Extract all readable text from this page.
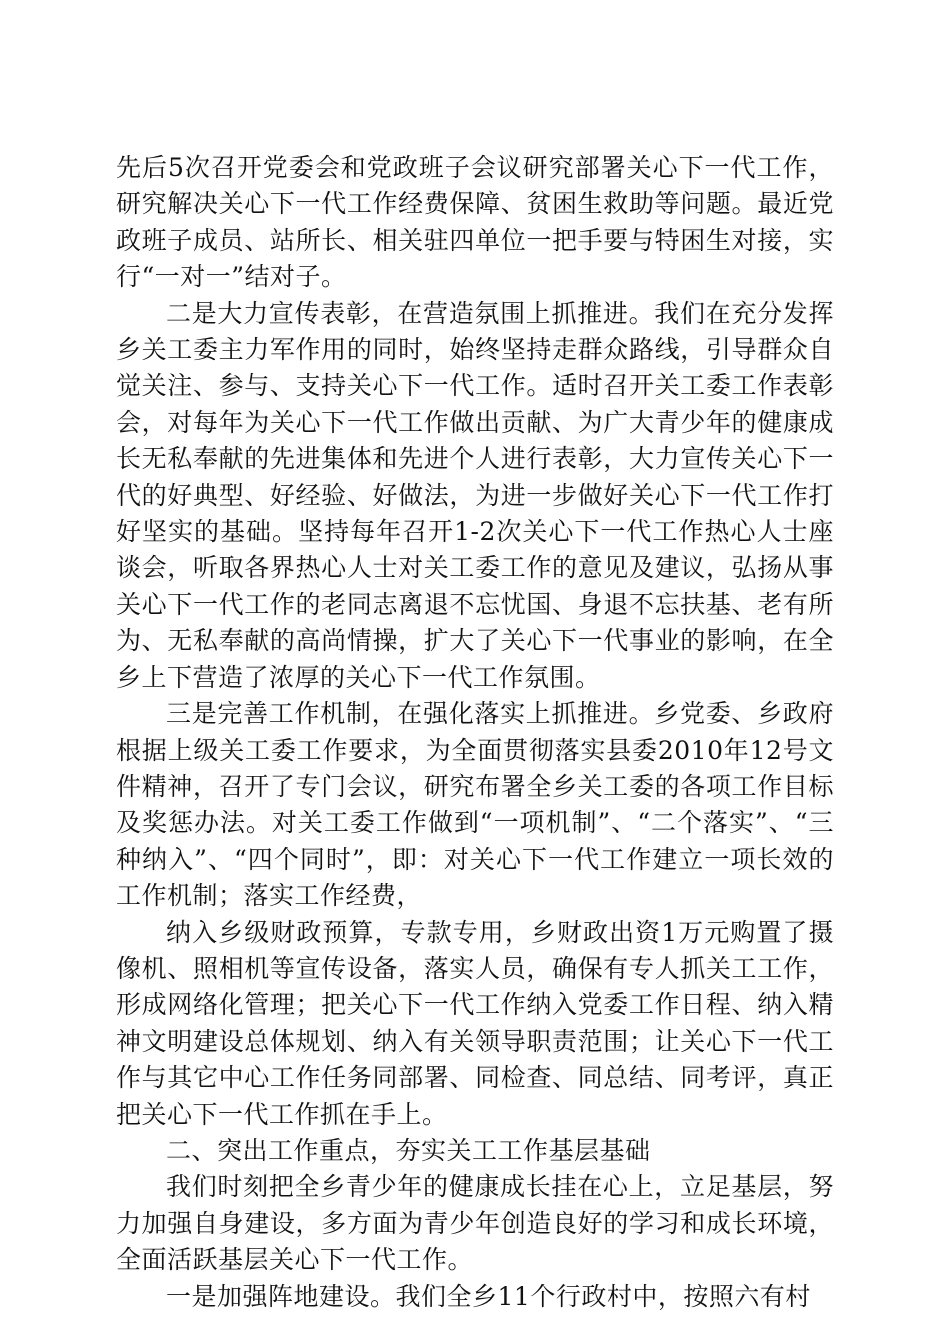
先后5次召开党委会和党政班子会议研究部署关心下一代工作，研究解决关心下一代工作经费保障、贫困生救助等问题。最近党政班子成员、站所长、相关驻四单位一把手要与特困生对接，实行“一对一”结对子。

二是大力宣传表彰，在营造氛围上抓推进。我们在充分发挥乡关工委主力军作用的同时，始终坚持走群众路线，引导群众自觉关注、参与、支持关心下一代工作。适时召开关工委工作表彰会，对每年为关心下一代工作做出贡献、为广大青少年的健康成长无私奉献的先进集体和先进个人进行表彰，大力宣传关心下一代的好典型、好经验、好做法，为进一步做好关心下一代工作打好坚实的基础。坚持每年召开1-2次关心下一代工作热心人士座谈会，听取各界热心人士对关工委工作的意见及建议，弘扬从事关心下一代工作的老同志离退不忘忧国、身退不忘扶基、老有所为、无私奉献的高尚情操，扩大了关心下一代事业的影响，在全乡上下营造了浓厚的关心下一代工作氛围。

三是完善工作机制，在强化落实上抓推进。乡党委、乡政府根据上级关工委工作要求，为全面贯彻落实县委2010年12号文件精神，召开了专门会议，研究布署全乡关工委的各项工作目标及奖惩办法。对关工委工作做到“一项机制”、“二个落实”、“三种纳入”、“四个同时”，即：对关心下一代工作建立一项长效的工作机制；落实工作经费，

纳入乡级财政预算，专款专用，乡财政出资1万元购置了摄像机、照相机等宣传设备，落实人员，确保有专人抓关工工作，形成网络化管理；把关心下一代工作纳入党委工作日程、纳入精神文明建设总体规划、纳入有关领导职责范围；让关心下一代工作与其它中心工作任务同部署、同检查、同总结、同考评，真正把关心下一代工作抓在手上。

二、突出工作重点，夯实关工工作基层基础

我们时刻把全乡青少年的健康成长挂在心上，立足基层，努力加强自身建设，多方面为青少年创造良好的学习和成长环境，全面活跃基层关心下一代工作。

一是加强阵地建设。我们全乡11个行政村中，按照六有村
